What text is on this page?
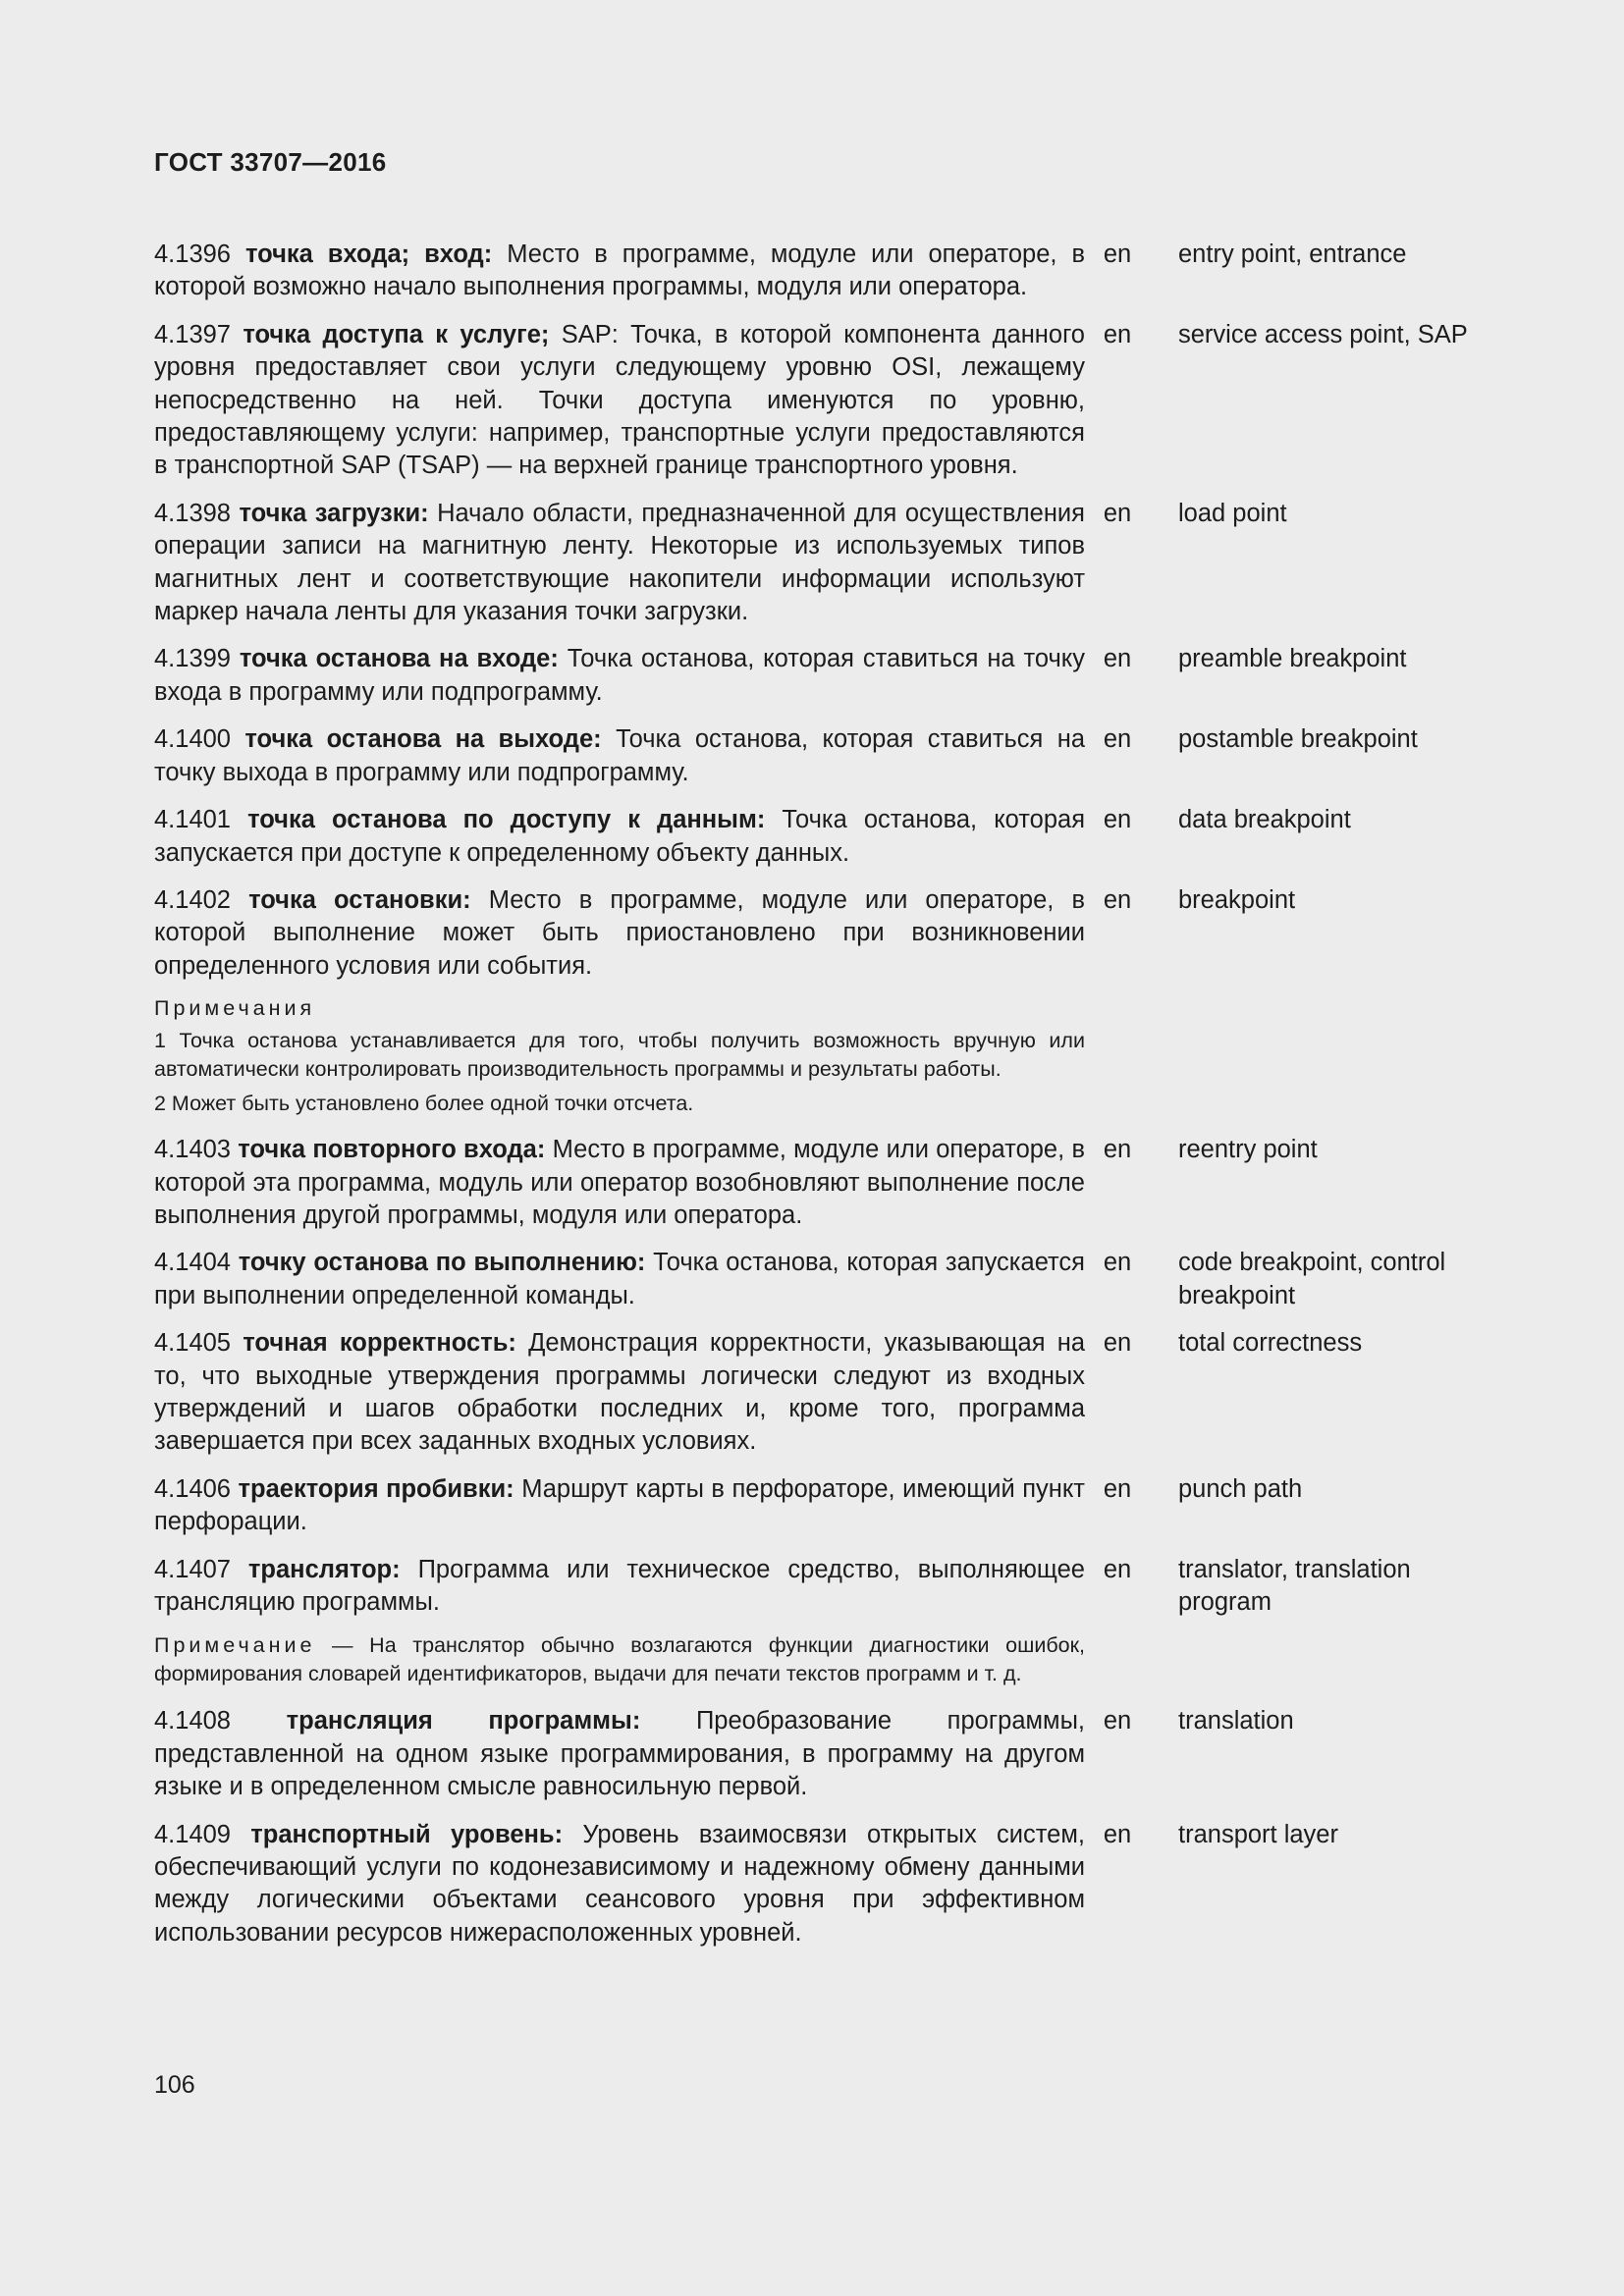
ГОСТ 33707—2016
4.1396 точка входа; вход: Место в программе, модуле или операторе, в которой возможно начало выполнения программы, модуля или оператора.
en	entry point, entrance
4.1397 точка доступа к услуге; SAP: Точка, в которой компонента данного уровня предоставляет свои услуги следующему уровню OSI, лежащему непосредственно на ней. Точки доступа именуются по уровню, предоставляющему услуги: например, транспортные услуги предоставляются в транспортной SAP (TSAP) — на верхней границе транспортного уровня.
en	service access point, SAP
4.1398 точка загрузки: Начало области, предназначенной для осуществления операции записи на магнитную ленту. Некоторые из используемых типов магнитных лент и соответствующие накопители информации используют маркер начала ленты для указания точки загрузки.
en	load point
4.1399 точка останова на входе: Точка останова, которая ставиться на точку входа в программу или подпрограмму.
en	preamble breakpoint
4.1400 точка останова на выходе: Точка останова, которая ставиться на точку выхода в программу или подпрограмму.
en	postamble breakpoint
4.1401 точка останова по доступу к данным: Точка останова, которая запускается при доступе к определенному объекту данных.
en	data breakpoint
4.1402 точка остановки: Место в программе, модуле или операторе, в которой выполнение может быть приостановлено при возникновении определенного условия или события.
en	breakpoint
Примечания
1 Точка останова устанавливается для того, чтобы получить возможность вручную или автоматически контролировать производительность программы и результаты работы.
2 Может быть установлено более одной точки отсчета.
4.1403 точка повторного входа: Место в программе, модуле или операторе, в которой эта программа, модуль или оператор возобновляют выполнение после выполнения другой программы, модуля или оператора.
en	reentry point
4.1404 точку останова по выполнению: Точка останова, которая запускается при выполнении определенной команды.
en	code breakpoint, control breakpoint
4.1405 точная корректность: Демонстрация корректности, указывающая на то, что выходные утверждения программы логически следуют из входных утверждений и шагов обработки последних и, кроме того, программа завершается при всех заданных входных условиях.
en	total correctness
4.1406 траектория пробивки: Маршрут карты в перфораторе, имеющий пункт перфорации.
en	punch path
4.1407 транслятор: Программа или техническое средство, выполняющее трансляцию программы.
en	translator, translation program
Примечание — На транслятор обычно возлагаются функции диагностики ошибок, формирования словарей идентификаторов, выдачи для печати текстов программ и т. д.
4.1408 трансляция программы: Преобразование программы, представленной на одном языке программирования, в программу на другом языке и в определенном смысле равносильную первой.
en	translation
4.1409 транспортный уровень: Уровень взаимосвязи открытых систем, обеспечивающий услуги по кодонезависимому и надежному обмену данными между логическими объектами сеансового уровня при эффективном использовании ресурсов нижерасположенных уровней.
en	transport layer
106
